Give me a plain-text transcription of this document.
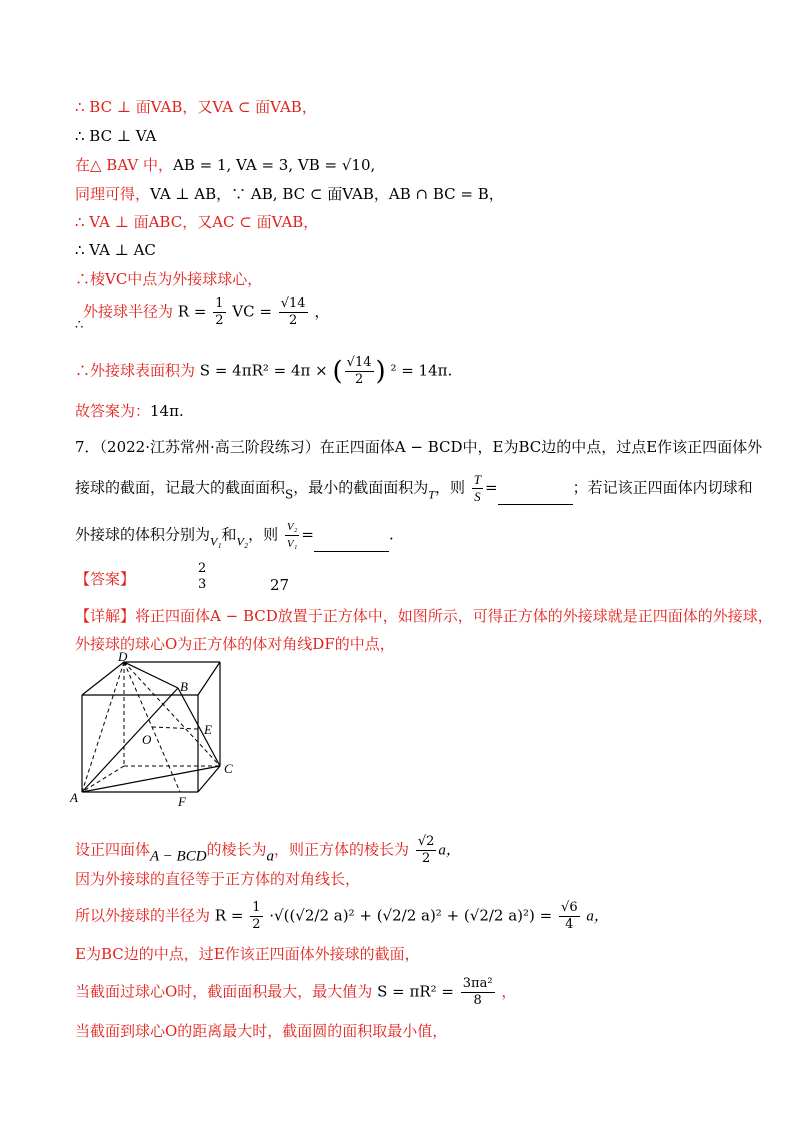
∴ BC ⊥ 面VAB，又VA ⊂ 面VAB，
∴ BC ⊥ VA
在△ BAV 中，AB = 1, VA = 3, VB = √10,
同理可得，VA ⊥ AB，∵ AB, BC ⊂ 面VAB，AB ∩ BC = B，
∴ VA ⊥ 面ABC，又AC ⊂ 面VAB，
∴ VA ⊥ AC
∴棱VC中点为外接球球心，
外接球半径为 $R = \frac{1}{2}$ VC = $\frac{√14}{2}$ ，
∴
∴外接球表面积为 S = 4πR² = 4π × ( $\frac{√14}{2}$ ) ² = 14π.
故答案为：14π.
7．（2022·江苏常州·高三阶段练习）在正四面体A − BCD中，E为BC边的中点，过点E作该正四面体外
接球的截面，记最大的截面面积$_S$，最小的截面面积为$_T$，则 $\frac{T}{S}$ =	；若记该正四面体内切球和
外接球的体积分别为$_{V_1}$和$_{V_2}$，则 $\frac{\text{V₂}}{\text{V₁}}$ =	.
【答案】
2
3	27
【详解】将正四面体A − BCD放置于正方体中，如图所示，可得正方体的外接球就是正四面体的外接球，
外接球的球心O为正方体的体对角线DF的中点，
D
B
E
O
C
A	F
设正四面体A − BCD的棱长为a，则正方体的棱长为 $\frac{√2}{2}$ a，
因为外接球的直径等于正方体的对角线长，
所以外接球的半径为 $R = \frac{1}{2} \cdot√((√2/2$ a)² + (√2/2 a)² + (√2/2 $a)^2) = \frac{√6}{4}$ a，
E为BC边的中点，过E作该正四面体外接球的截面，
当截面过球心O时，截面面积最大，最大值为 $S = \pi R^2 = \frac{\text{3πa²}}{8}$ ，
当截面到球心O的距离最大时，截面圆的面积取最小值，
